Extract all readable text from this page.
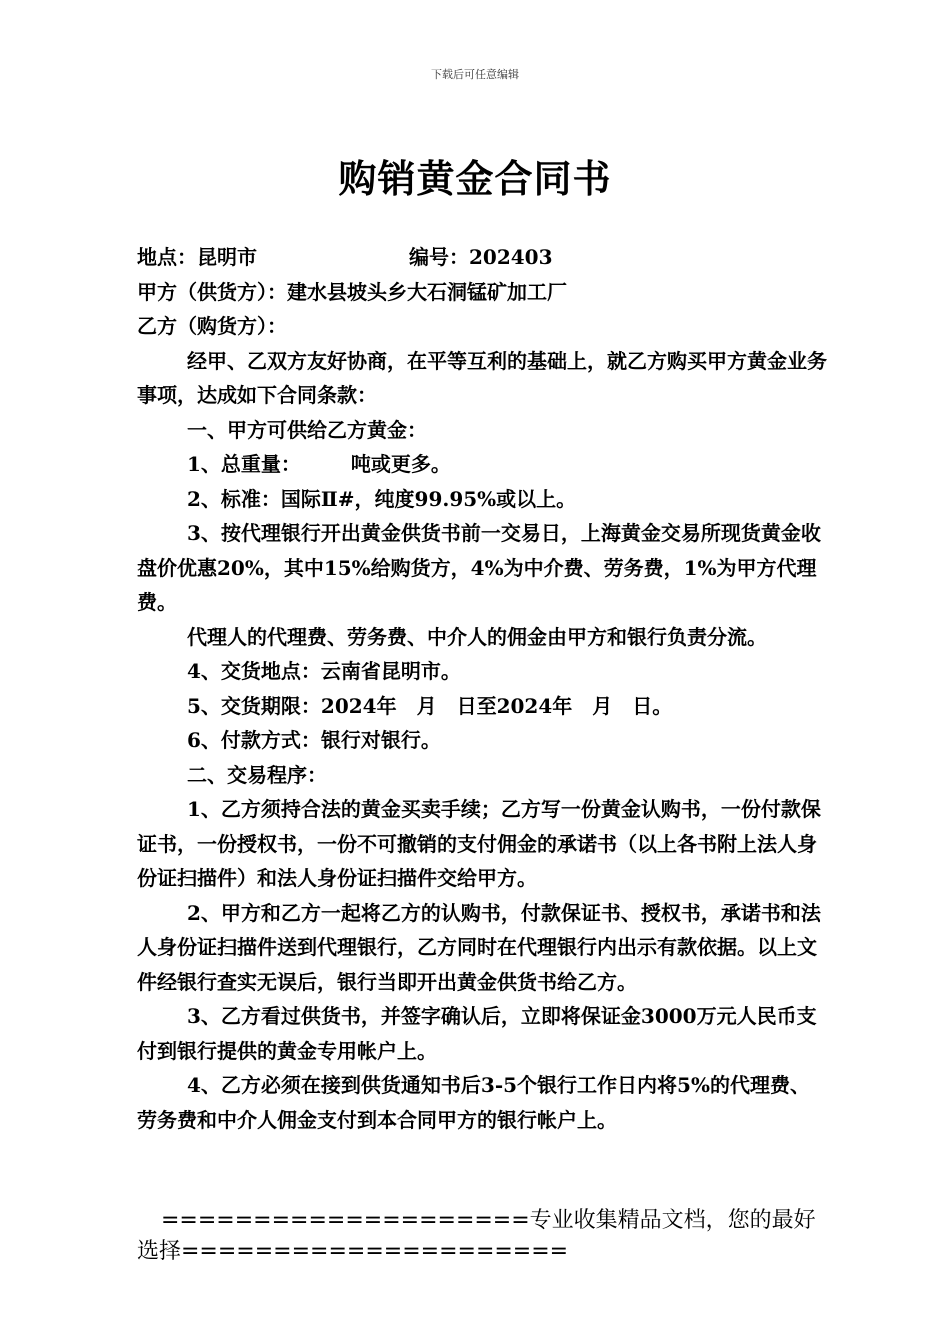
下载后可任意编辑
购销黄金合同书

地点：昆明市	编号：202403

甲方（供货方）：建水县坡头乡大石洞锰矿加工厂

乙方（购货方）：

经甲、乙双方友好协商，在平等互利的基础上，就乙方购买甲方黄金业务事项，达成如下合同条款：

一、甲方可供给乙方黄金：

1、总重量：　　　吨或更多。

2、标准：国际Ⅱ#，纯度99.95%或以上。

3、按代理银行开出黄金供货书前一交易日，上海黄金交易所现货黄金收盘价优惠20%，其中15%给购货方，4%为中介费、劳务费，1%为甲方代理费。

代理人的代理费、劳务费、中介人的佣金由甲方和银行负责分流。

4、交货地点：云南省昆明市。

5、交货期限：2024年　月　日至2024年　月　日。

6、付款方式：银行对银行。

二、交易程序：

1、乙方须持合法的黄金买卖手续；乙方写一份黄金认购书，一份付款保证书，一份授权书，一份不可撤销的支付佣金的承诺书（以上各书附上法人身份证扫描件）和法人身份证扫描件交给甲方。

2、甲方和乙方一起将乙方的认购书，付款保证书、授权书，承诺书和法人身份证扫描件送到代理银行，乙方同时在代理银行内出示有款依据。以上文件经银行查实无误后，银行当即开出黄金供货书给乙方。

3、乙方看过供货书，并签字确认后，立即将保证金3000万元人民币支付到银行提供的黄金专用帐户上。

4、乙方必须在接到供货通知书后3-5个银行工作日内将5%的代理费、劳务费和中介人佣金支付到本合同甲方的银行帐户上。

====================专业收集精品文档，您的最好选择=====================
